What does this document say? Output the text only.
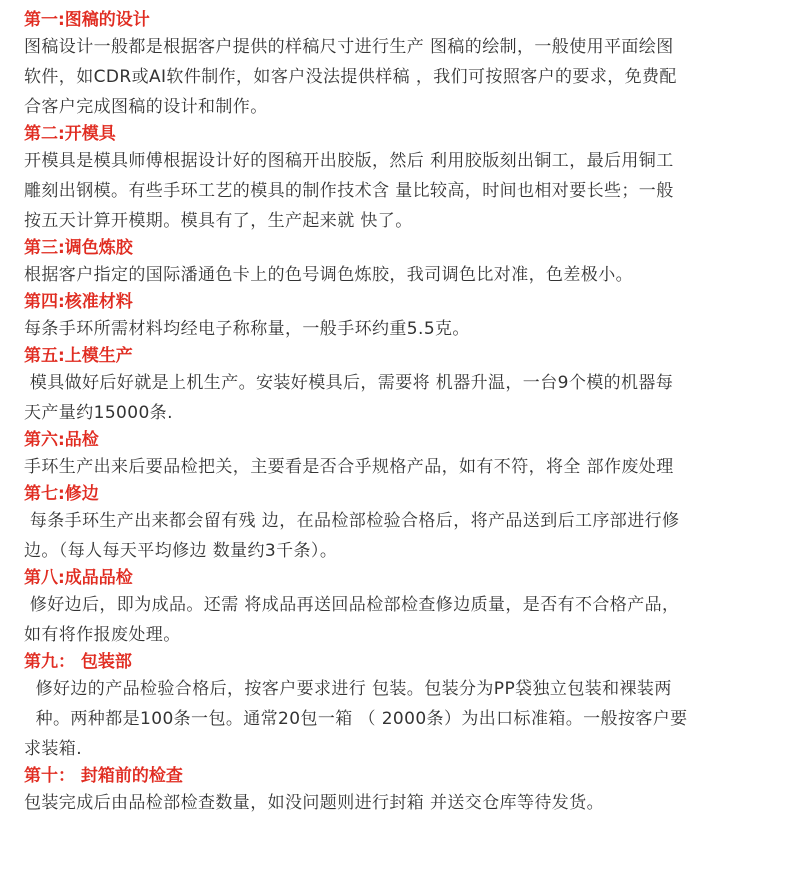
第一:图稿的设计
图稿设计一般都是根据客户提供的样稿尺寸进行生产 图稿的绘制，一般使用平面绘图
软件，如CDR或AI软件制作，如客户没法提供样稿 ，我们可按照客户的要求，免费配
合客户完成图稿的设计和制作。
第二:开模具
开模具是模具师傅根据设计好的图稿开出胶版，然后 利用胶版刻出铜工，最后用铜工
雕刻出钢模。有些手环工艺的模具的制作技术含 量比较高，时间也相对要长些；一般
按五天计算开模期。模具有了，生产起来就 快了。
第三:调色炼胶
根据客户指定的国际潘通色卡上的色号调色炼胶，我司调色比对准，色差极小。
第四:核准材料
每条手环所需材料均经电子称称量，一般手环约重5.5克。
第五:上模生产
模具做好后好就是上机生产。安装好模具后，需要将 机器升温，一台9个模的机器每
天产量约15000条.
第六:品检
手环生产出来后要品检把关，主要看是否合乎规格产品，如有不符，将全 部作废处理
第七:修边
每条手环生产出来都会留有残 边，在品检部检验合格后，将产品送到后工序部进行修
边。（每人每天平均修边 数量约3千条）。
第八:成品品检
修好边后，即为成品。还需 将成品再送回品检部检查修边质量，是否有不合格产品，
如有将作报废处理。
第九： 包装部
修好边的产品检验合格后，按客户要求进行 包装。包装分为PP袋独立包装和裸装两
种。两种都是100条一包。通常20包一箱 （ 2000条）为出口标准箱。一般按客户要
求装箱.
第十： 封箱前的检查
包装完成后由品检部检查数量，如没问题则进行封箱 并送交仓库等待发货。
